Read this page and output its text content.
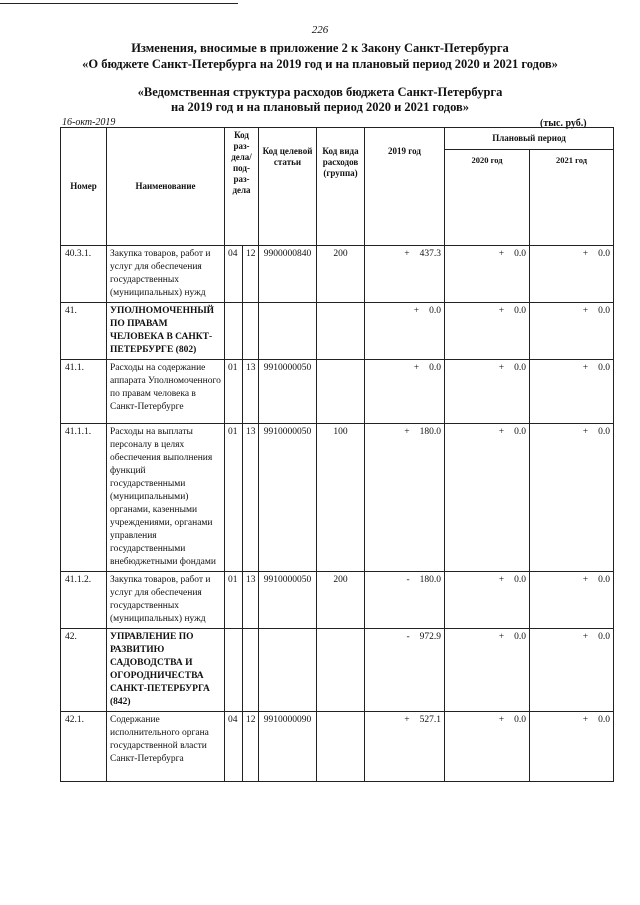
226
Изменения, вносимые в приложение 2 к Закону Санкт-Петербурга
«О бюджете Санкт-Петербурга на 2019 год и на плановый период 2020 и 2021 годов»
«Ведомственная структура расходов бюджета Санкт-Петербурга
на 2019 год и на плановый период 2020 и 2021 годов»
16-окт-2019	(тыс. руб.)
Номер	Наименование	Код раз- дела/ под- раз- дела		Код целевой статьи	Код вида расходов (группа)	2019 год	Плановый период	
							2020 год	2021 год
40.3.1.	Закупка товаров, работ и услуг для обеспечения государственных (муниципальных) нужд	04	12	9900000840	200	+ 437.3	+ 0.0	+ 0.0
41.	УПОЛНОМОЧЕННЫЙ ПО ПРАВАМ ЧЕЛОВЕКА В САНКТ-ПЕТЕРБУРГЕ (802)					+ 0.0	+ 0.0	+ 0.0
41.1.	Расходы на содержание аппарата Уполномоченного по правам человека в Санкт-Петербурге	01	13	9910000050		+ 0.0	+ 0.0	+ 0.0
41.1.1.	Расходы на выплаты персоналу в целях обеспечения выполнения функций государственными (муниципальными) органами, казенными учреждениями, органами управления государственными внебюджетными фондами	01	13	9910000050	100	+ 180.0	+ 0.0	+ 0.0
41.1.2.	Закупка товаров, работ и услуг для обеспечения государственных (муниципальных) нужд	01	13	9910000050	200	- 180.0	+ 0.0	+ 0.0
42.	УПРАВЛЕНИЕ ПО РАЗВИТИЮ САДОВОДСТВА И ОГОРОДНИЧЕСТВА САНКТ-ПЕТЕРБУРГА (842)					- 972.9	+ 0.0	+ 0.0
42.1.	Содержание исполнительного органа государственной власти Санкт-Петербурга	04	12	9910000090		+ 527.1	+ 0.0	+ 0.0
